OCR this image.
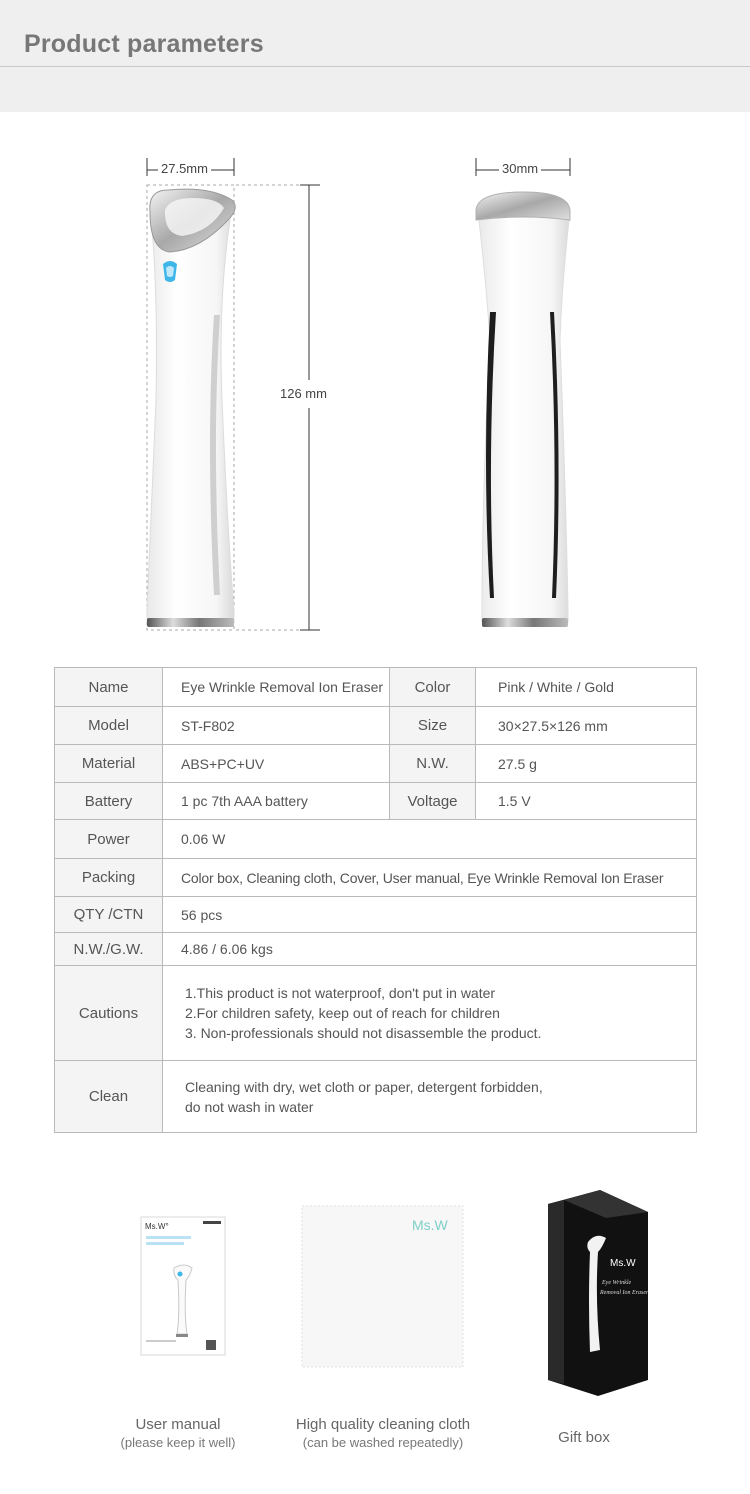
Product parameters
27.5mm	30mm
126 mm
Name	Eye Wrinkle Removal Ion Eraser	Color	Pink / White / Gold
Model	ST-F802	Size	30×27.5×126 mm
Material	ABS+PC+UV	N.W.	27.5 g
Battery	1 pc 7th AAA battery	Voltage	1.5 V
Power	0.06 W		
Packing	Color box, Cleaning cloth, Cover, User manual, Eye Wrinkle Removal Ion Eraser		
QTY /CTN	56 pcs		
N.W./G.W.	4.86 / 6.06 kgs		
Cautions	1.This product is not waterproof, don't put in water
2.For children safety, keep out of reach for children
3. Non-professionals should not disassemble the product.		

Clean	Cleaning with dry, wet cloth or paper, detergent forbidden,
do not wash in water		
Ms.W°	Ms.W
Ms.W
Eye Wrinkle
Removal Ion Eraser
User manual
(please keep it well)
High quality cleaning cloth
(can be washed repeatedly)	Gift box
